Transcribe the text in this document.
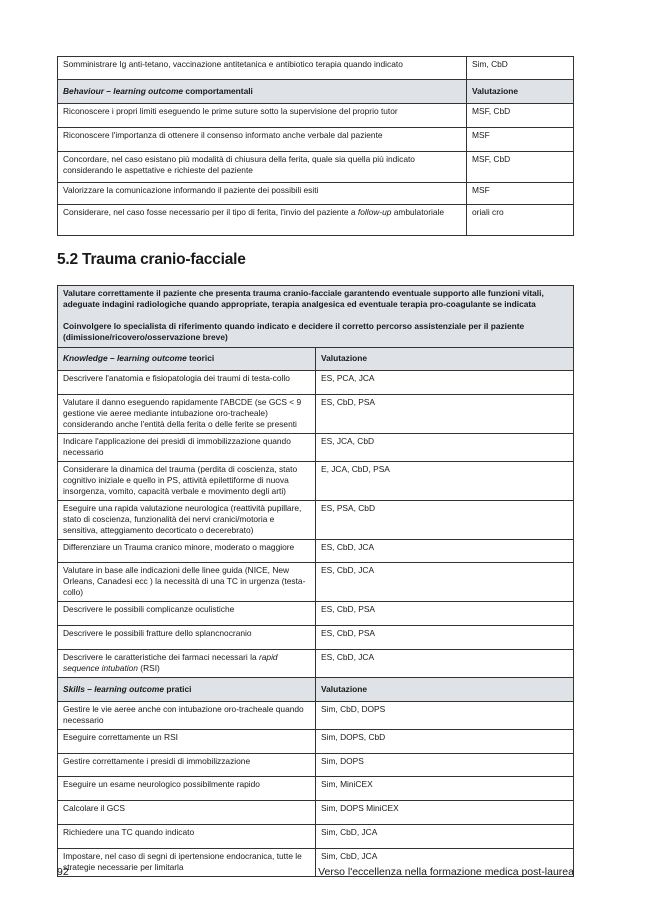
Somministrare Ig anti-tetano, vaccinazione antitetanica e antibiotico terapia quando indicato	Sim, CbD
Behaviour – learning outcome comportamentali	Valutazione
Riconoscere i propri limiti eseguendo le prime suture sotto la supervisione del proprio tutor	MSF, CbD
Riconoscere l'importanza di ottenere il consenso informato anche verbale dal paziente	MSF
Concordare, nel caso esistano più modalità di chiusura della ferita, quale sia quella più indicato considerando le aspettative e richieste del paziente	MSF, CbD
Valorizzare la comunicazione informando il paziente dei possibili esiti	MSF
Considerare, nel caso fosse necessario per il tipo di ferita, l'invio del paziente a follow-up ambulatoriale	oriali cro
5.2 Trauma cranio-facciale
Valutare correttamente il paziente che presenta trauma cranio-facciale garantendo eventuale supporto alle funzioni vitali, adeguate indagini radiologiche quando appropriate, terapia analgesica ed eventuale terapia pro-coagulante se indicata
Coinvolgere lo specialista di riferimento quando indicato e decidere il corretto percorso assistenziale per il paziente (dimissione/ricovero/osservazione breve)	
Knowledge – learning outcome teorici	Valutazione
Descrivere l'anatomia e fisiopatologia dei traumi di testa-collo	ES, PCA, JCA
Valutare il danno eseguendo rapidamente l'ABCDE (se GCS < 9 gestione vie aeree mediante intubazione oro-tracheale) considerando anche l'entità della ferita o delle ferite se presenti	ES, CbD, PSA
Indicare l'applicazione dei presidi di immobilizzazione quando necessario	ES, JCA, CbD
Considerare la dinamica del trauma (perdita di coscienza, stato cognitivo iniziale e quello in PS, attività epilettiforme di nuova insorgenza, vomito, capacità verbale e movimento degli arti)	E, JCA, CbD, PSA
Eseguire una rapida valutazione neurologica (reattività pupillare, stato di coscienza, funzionalità dei nervi cranici/motoria e sensitiva, atteggiamento decorticato o decerebrato)	ES, PSA, CbD
Differenziare un Trauma cranico minore, moderato o maggiore	ES, CbD, JCA
Valutare in base alle indicazioni delle linee guida (NICE, New Orleans, Canadesi ecc ) la necessità di una TC in urgenza (testa-collo)	ES, CbD, JCA
Descrivere le possibili complicanze oculistiche	ES, CbD, PSA
Descrivere le possibili fratture dello splancnocranio	ES, CbD, PSA
Descrivere le caratteristiche dei farmaci necessari la rapid sequence intubation (RSI)	ES, CbD, JCA
Skills – learning outcome pratici	Valutazione
Gestire le vie aeree anche con intubazione oro-tracheale quando necessario	Sim, CbD, DOPS
Eseguire correttamente un RSI	Sim, DOPS, CbD
Gestire correttamente i presidi di immobilizzazione	Sim, DOPS
Eseguire un esame neurologico possibilmente rapido	Sim, MiniCEX
Calcolare il GCS	Sim, DOPS MiniCEX
Richiedere una TC quando indicato	Sim, CbD, JCA
Impostare, nel caso di segni di ipertensione endocranica, tutte le strategie necessarie per limitarla	Sim, CbD, JCA
92	Verso l'eccellenza nella formazione medica post-laurea
